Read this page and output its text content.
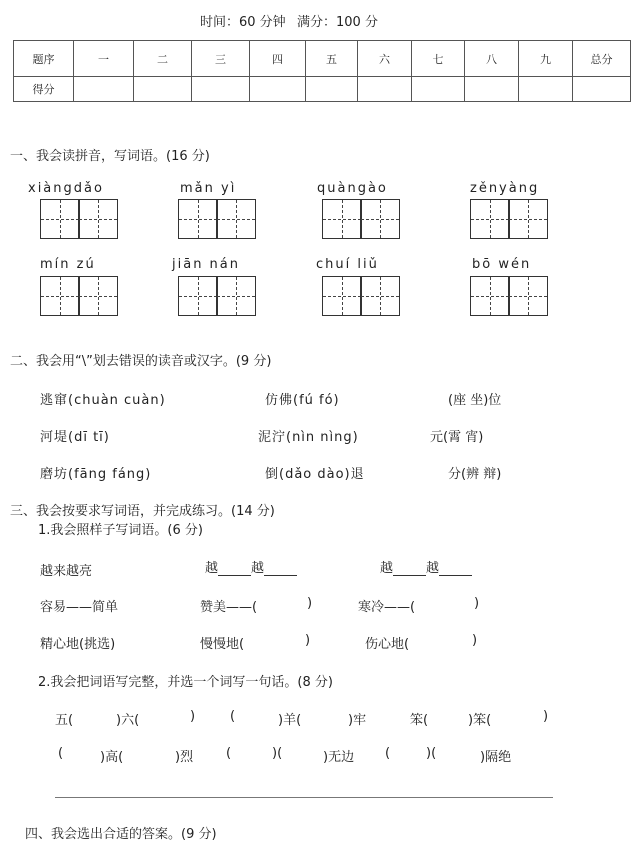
时间：60 分钟 满分：100 分
题序	一	二	三	四	五	六	七	八	九	总分
得分										
一、我会读拼音，写词语。(16 分)
xiàngdǎo	mǎn yì	quàngào	zěnyàng
mín zú	jiān nán	chuí liǔ	bō wén
二、我会用“\”划去错误的读音或汉字。(9 分)
逃窜(chuàn cuàn)	仿佛(fú fó)	(座 坐)位
河堤(dī tī)	泥泞(nìn nìng)	元(霄 宵)
磨坊(fāng fáng)	倒(dǎo dào)退	分(辨 辩)
三、我会按要求写词语，并完成练习。(14 分)
1.我会照样子写词语。(6 分)
越来越亮	越	越	越	越
容易——简单	赞美——(	)	寒冷——(	)
精心地(挑选)	慢慢地(	)	伤心地(	)
2.我会把词语写完整，并选一个词写一句话。(8 分)
五(	)六(	)	(	)羊(	)牢	笨(	)笨(	)
(	)高(	)烈	(	)(	)无边 (	)(	)隔绝
四、我会选出合适的答案。(9 分)
